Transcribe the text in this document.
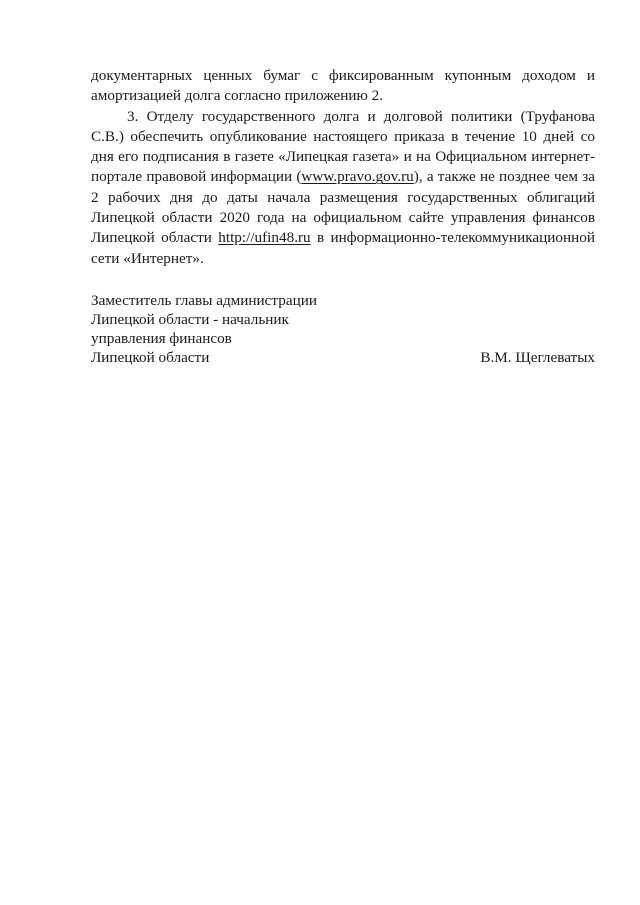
документарных ценных бумаг с фиксированным купонным доходом и амортизацией долга согласно приложению 2.

3. Отделу государственного долга и долговой политики (Труфанова С.В.) обеспечить опубликование настоящего приказа в течение 10 дней со дня его подписания в газете «Липецкая газета» и на Официальном интернет-портале правовой информации (www.pravo.gov.ru), а также не позднее чем за 2 рабочих дня до даты начала размещения государственных облигаций Липецкой области 2020 года на официальном сайте управления финансов Липецкой области http://ufin48.ru в информационно-телекоммуникационной сети «Интернет».

Заместитель главы администрации

Липецкой области - начальник

управления финансов

Липецкой области	В.М. Щеглеватых
